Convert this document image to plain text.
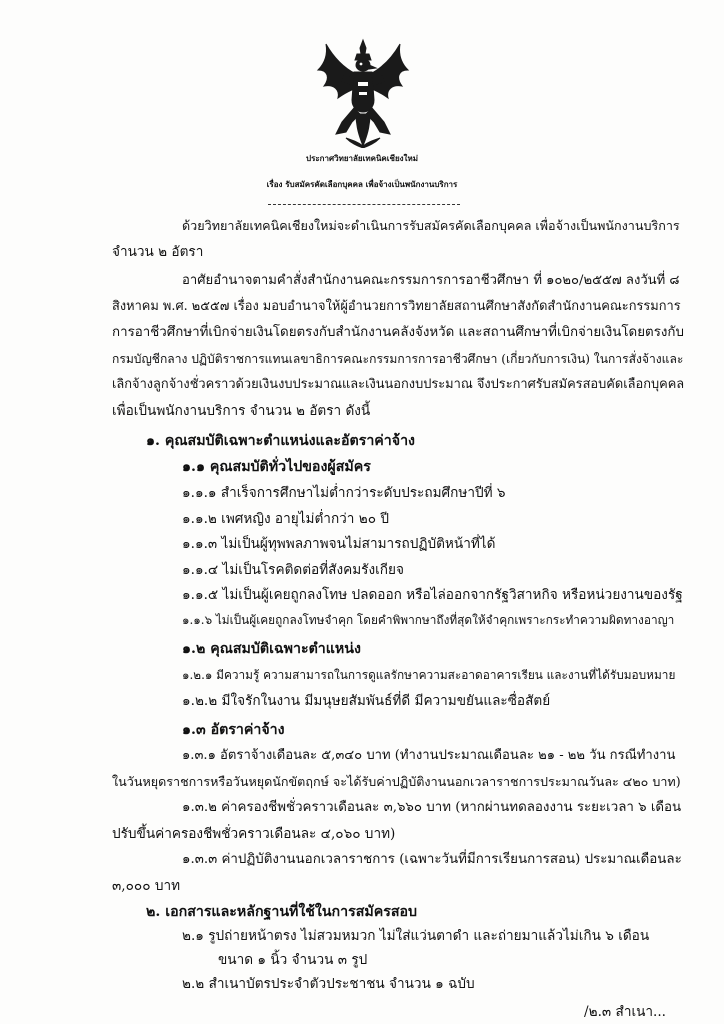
ประกาศวิทยาลัยเทคนิคเชียงใหม่
เรื่อง รับสมัครคัดเลือกบุคคล เพื่อจ้างเป็นพนักงานบริการ
ด้วยวิทยาลัยเทคนิคเชียงใหม่จะดำเนินการรับสมัครคัดเลือกบุคคล เพื่อจ้างเป็นพนักงานบริการ
จำนวน ๒ อัตรา
อาศัยอำนาจตามคำสั่งสำนักงานคณะกรรมการการอาชีวศึกษา ที่ ๑๐๒๐/๒๕๕๗ ลงวันที่ ๘
สิงหาคม พ.ศ. ๒๕๕๗ เรื่อง มอบอำนาจให้ผู้อำนวยการวิทยาลัยสถานศึกษาสังกัดสำนักงานคณะกรรมการ
การอาชีวศึกษาที่เบิกจ่ายเงินโดยตรงกับสำนักงานคลังจังหวัด และสถานศึกษาที่เบิกจ่ายเงินโดยตรงกับ
กรมบัญชีกลาง ปฏิบัติราชการแทนเลขาธิการคณะกรรมการการอาชีวศึกษา (เกี่ยวกับการเงิน) ในการสั่งจ้างและ
เลิกจ้างลูกจ้างชั่วคราวด้วยเงินงบประมาณและเงินนอกงบประมาณ จึงประกาศรับสมัครสอบคัดเลือกบุคคล
เพื่อเป็นพนักงานบริการ จำนวน ๒ อัตรา ดังนี้
๑. คุณสมบัติเฉพาะตำแหน่งและอัตราค่าจ้าง
๑.๑ คุณสมบัติทั่วไปของผู้สมัคร
๑.๑.๑ สำเร็จการศึกษาไม่ต่ำกว่าระดับประถมศึกษาปีที่ ๖
๑.๑.๒ เพศหญิง อายุไม่ต่ำกว่า ๒๐ ปี
๑.๑.๓ ไม่เป็นผู้ทุพพลภาพจนไม่สามารถปฏิบัติหน้าที่ได้
๑.๑.๔ ไม่เป็นโรคติดต่อที่สังคมรังเกียจ
๑.๑.๕ ไม่เป็นผู้เคยถูกลงโทษ ปลดออก หรือไล่ออกจากรัฐวิสาหกิจ หรือหน่วยงานของรัฐ
๑.๑.๖ ไม่เป็นผู้เคยถูกลงโทษจำคุก โดยคำพิพากษาถึงที่สุดให้จำคุกเพราะกระทำความผิดทางอาญา
๑.๒ คุณสมบัติเฉพาะตำแหน่ง
๑.๒.๑ มีความรู้ ความสามารถในการดูแลรักษาความสะอาดอาคารเรียน และงานที่ได้รับมอบหมาย
๑.๒.๒ มีใจรักในงาน มีมนุษยสัมพันธ์ที่ดี มีความขยันและซื่อสัตย์
๑.๓ อัตราค่าจ้าง
๑.๓.๑ อัตราจ้างเดือนละ ๕,๓๔๐ บาท (ทำงานประมาณเดือนละ ๒๑ - ๒๒ วัน กรณีทำงาน
ในวันหยุดราชการหรือวันหยุดนักขัตฤกษ์ จะได้รับค่าปฏิบัติงานนอกเวลาราชการประมาณวันละ ๔๒๐ บาท)
๑.๓.๒ ค่าครองชีพชั่วคราวเดือนละ ๓,๖๖๐ บาท (หากผ่านทดลองงาน ระยะเวลา ๖ เดือน
ปรับขึ้นค่าครองชีพชั่วคราวเดือนละ ๔,๐๖๐ บาท)
๑.๓.๓ ค่าปฏิบัติงานนอกเวลาราชการ (เฉพาะวันที่มีการเรียนการสอน) ประมาณเดือนละ
๓,๐๐๐ บาท
๒. เอกสารและหลักฐานที่ใช้ในการสมัครสอบ
๒.๑ รูปถ่ายหน้าตรง ไม่สวมหมวก ไม่ใส่แว่นตาดำ และถ่ายมาแล้วไม่เกิน ๖ เดือน
ขนาด ๑ นิ้ว จำนวน ๓ รูป
๒.๒ สำเนาบัตรประจำตัวประชาชน จำนวน ๑ ฉบับ
/๒.๓ สำเนา...
